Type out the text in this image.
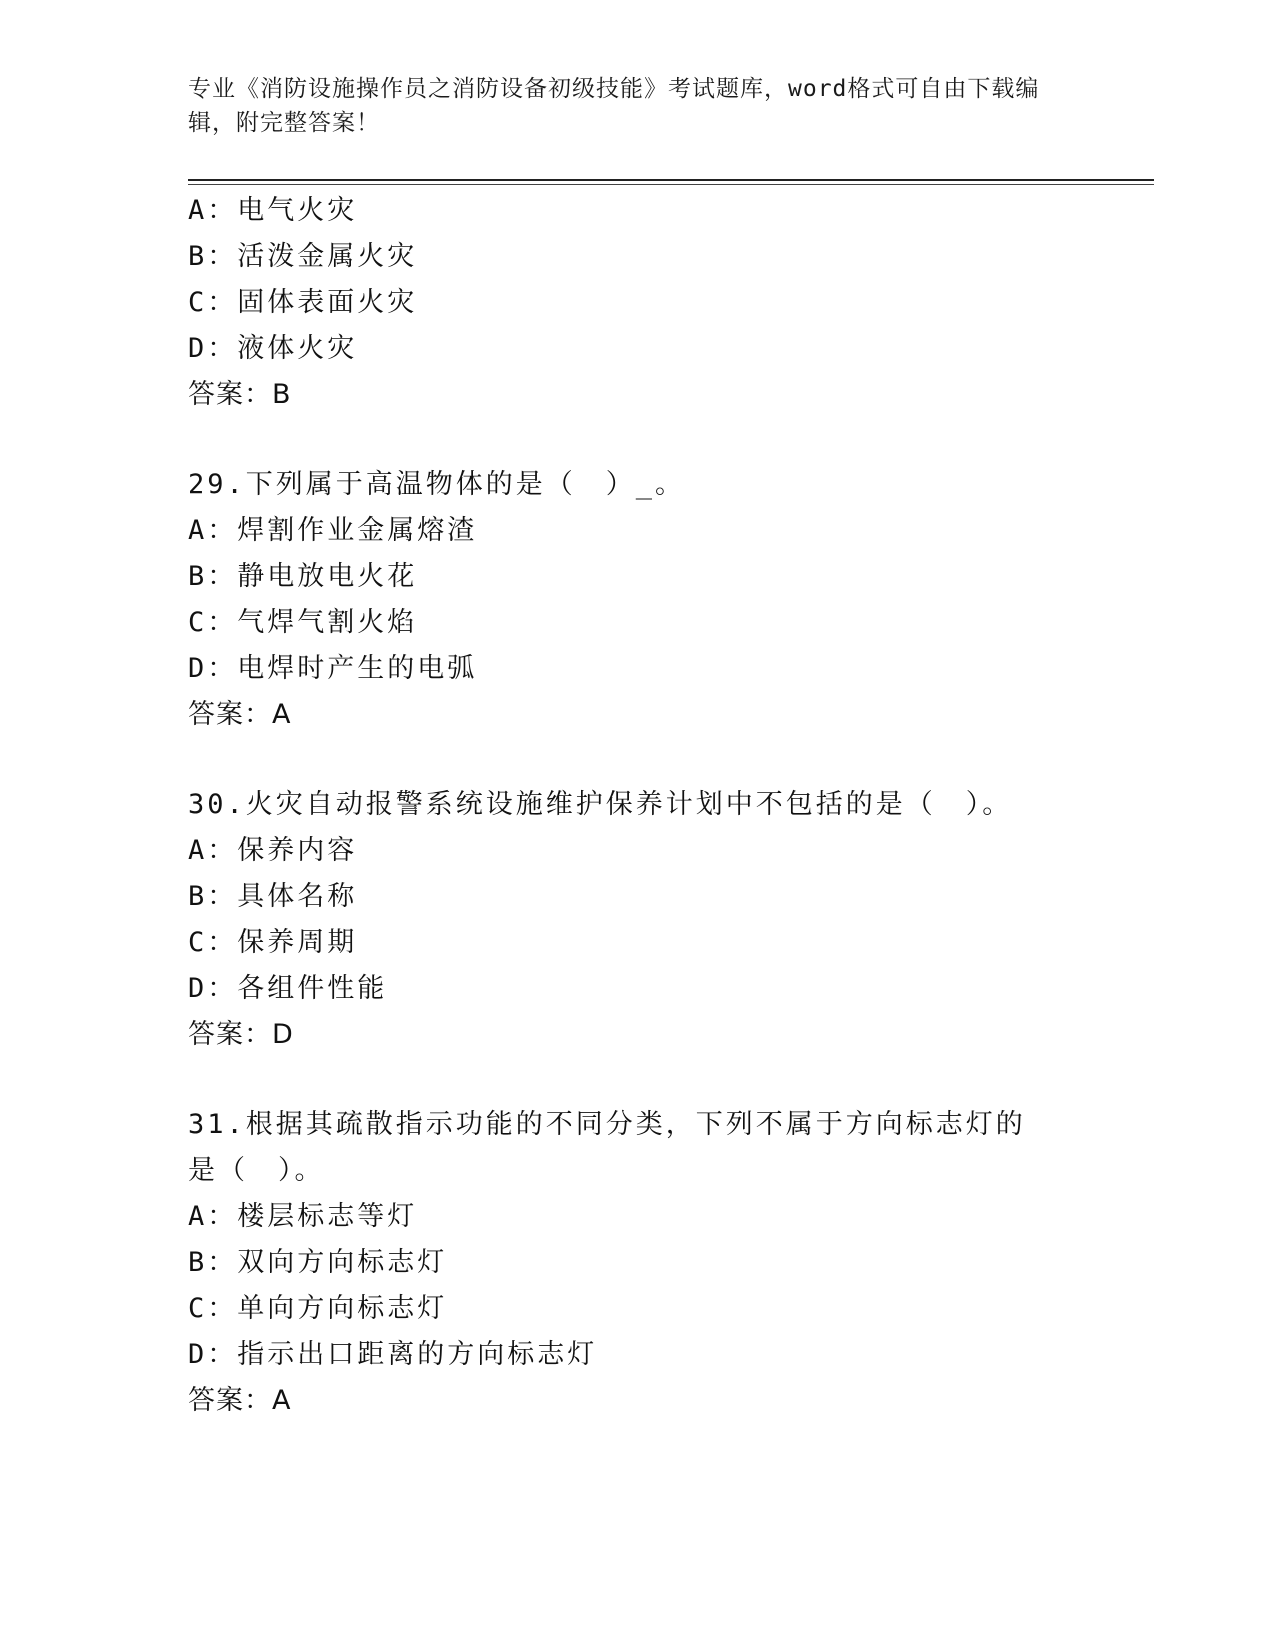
专业《消防设施操作员之消防设备初级技能》考试题库，word格式可自由下载编辑，附完整答案！
A：电气火灾
B：活泼金属火灾
C：固体表面火灾
D：液体火灾
答案：B
29.下列属于高温物体的是（　）_。
A：焊割作业金属熔渣
B：静电放电火花
C：气焊气割火焰
D：电焊时产生的电弧
答案：A
30.火灾自动报警系统设施维护保养计划中不包括的是（　）。
A：保养内容
B：具体名称
C：保养周期
D：各组件性能
答案：D
31.根据其疏散指示功能的不同分类，下列不属于方向标志灯的是（　）。
A：楼层标志等灯
B：双向方向标志灯
C：单向方向标志灯
D：指示出口距离的方向标志灯
答案：A
